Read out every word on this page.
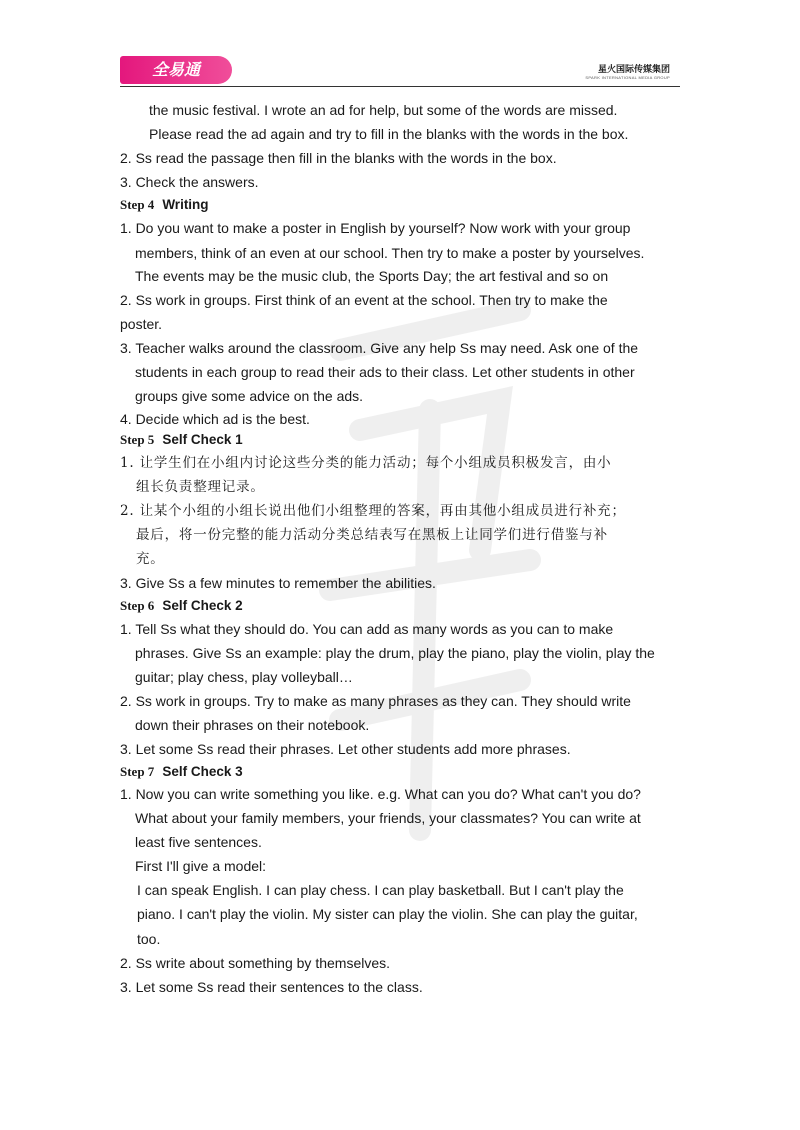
全易通	星火国际传媒集团
SPARK INTERNATIONAL MEDIA GROUP
the music festival. I wrote an ad for help, but some of the words are missed.
Please read the ad again and try to fill in the blanks with the words in the box.
2. Ss read the passage then fill in the blanks with the words in the box.
3. Check the answers.
Step 4 Writing
1. Do you want to make a poster in English by yourself? Now work with your group
members, think of an even at our school. Then try to make a poster by yourselves.
The events may be the music club, the Sports Day; the art festival and so on
2. Ss work in groups. First think of an event at the school. Then try to make the
poster.
3. Teacher walks around the classroom. Give any help Ss may need. Ask one of the
students in each group to read their ads to their class. Let other students in other
groups give some advice on the ads.
4. Decide which ad is the best.
Step 5 Self Check 1
1. 让学生们在小组内讨论这些分类的能力活动；每个小组成员积极发言，由小
组长负责整理记录。
2. 让某个小组的小组长说出他们小组整理的答案，再由其他小组成员进行补充；
最后，将一份完整的能力活动分类总结表写在黑板上让同学们进行借鉴与补
充。
3. Give Ss a few minutes to remember the abilities.
Step 6 Self Check 2
1. Tell Ss what they should do. You can add as many words as you can to make
phrases. Give Ss an example: play the drum, play the piano, play the violin, play the
guitar; play chess, play volleyball…
2. Ss work in groups. Try to make as many phrases as they can. They should write
down their phrases on their notebook.
3. Let some Ss read their phrases. Let other students add more phrases.
Step 7 Self Check 3
1. Now you can write something you like. e.g. What can you do? What can't you do?
What about your family members, your friends, your classmates? You can write at
least five sentences.
First I'll give a model:
I can speak English. I can play chess. I can play basketball. But I can't play the
piano. I can't play the violin. My sister can play the violin. She can play the guitar,
too.
2. Ss write about something by themselves.
3. Let some Ss read their sentences to the class.
